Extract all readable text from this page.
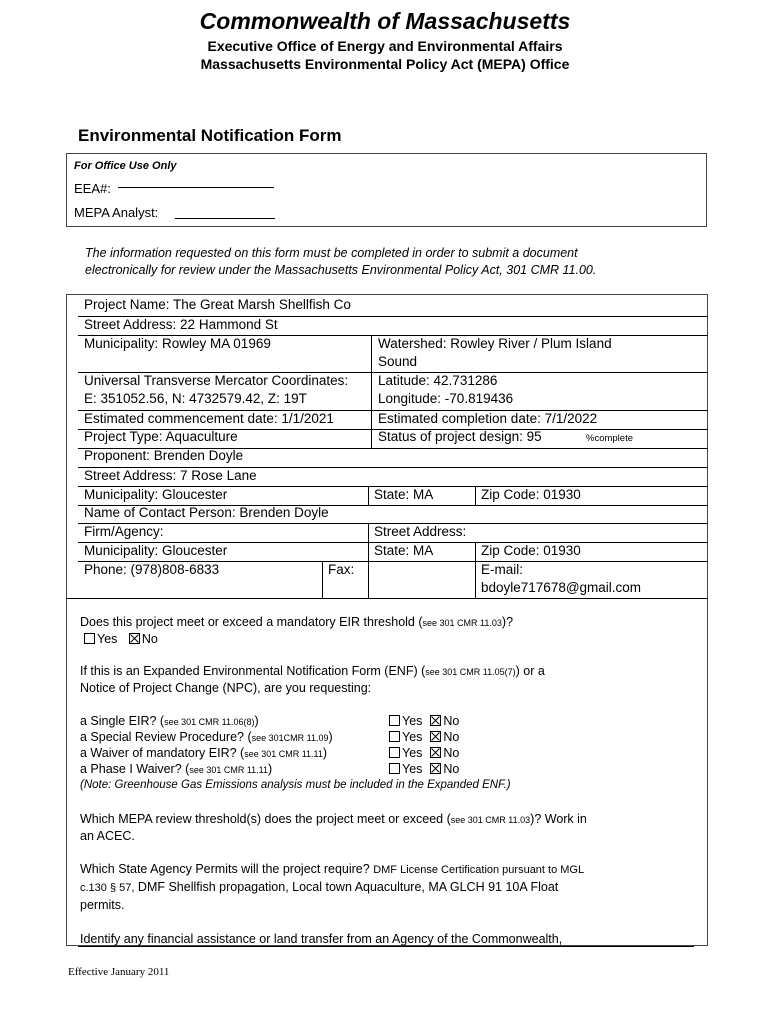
Commonwealth of Massachusetts
Executive Office of Energy and Environmental Affairs
Massachusetts Environmental Policy Act (MEPA) Office
Environmental Notification Form
For Office Use Only
EEA#:
MEPA Analyst:
The information requested on this form must be completed in order to submit a document
electronically for review under the Massachusetts Environmental Policy Act, 301 CMR 11.00.
Project Name: The Great Marsh Shellfish Co
Street Address: 22 Hammond St
Municipality: Rowley MA 01969	Watershed: Rowley River / Plum Island
Sound
Universal Transverse Mercator Coordinates:	Latitude: 42.731286
E: 351052.56, N: 4732579.42, Z: 19T	Longitude: -70.819436
Estimated commencement date: 1/1/2021	Estimated completion date: 7/1/2022
Project Type: Aquaculture	Status of project design: 95	%complete
Proponent: Brenden Doyle
Street Address: 7 Rose Lane
Municipality: Gloucester	State: MA	Zip Code: 01930
Name of Contact Person: Brenden Doyle
Firm/Agency:	Street Address:
Municipality: Gloucester	State: MA	Zip Code: 01930
Phone: (978)808-6833	Fax:	E-mail:
bdoyle717678@gmail.com
Does this project meet or exceed a mandatory EIR threshold (see 301 CMR 11.03)?
Yes No
If this is an Expanded Environmental Notification Form (ENF) (see 301 CMR 11.05(7)) or a
Notice of Project Change (NPC), are you requesting:
a Single EIR? (see 301 CMR 11.06(8))	Yes No
a Special Review Procedure? (see 301CMR 11.09)	Yes No
a Waiver of mandatory EIR? (see 301 CMR 11.11)	Yes No
a Phase I Waiver? (see 301 CMR 11.11)	Yes No
(Note: Greenhouse Gas Emissions analysis must be included in the Expanded ENF.)
Which MEPA review threshold(s) does the project meet or exceed (see 301 CMR 11.03)? Work in
an ACEC.
Which State Agency Permits will the project require? DMF License Certification pursuant to MGL
c.130 § 57, DMF Shellfish propagation, Local town Aquaculture, MA GLCH 91 10A Float
permits.
Identify any financial assistance or land transfer from an Agency of the Commonwealth,
Effective January 2011
